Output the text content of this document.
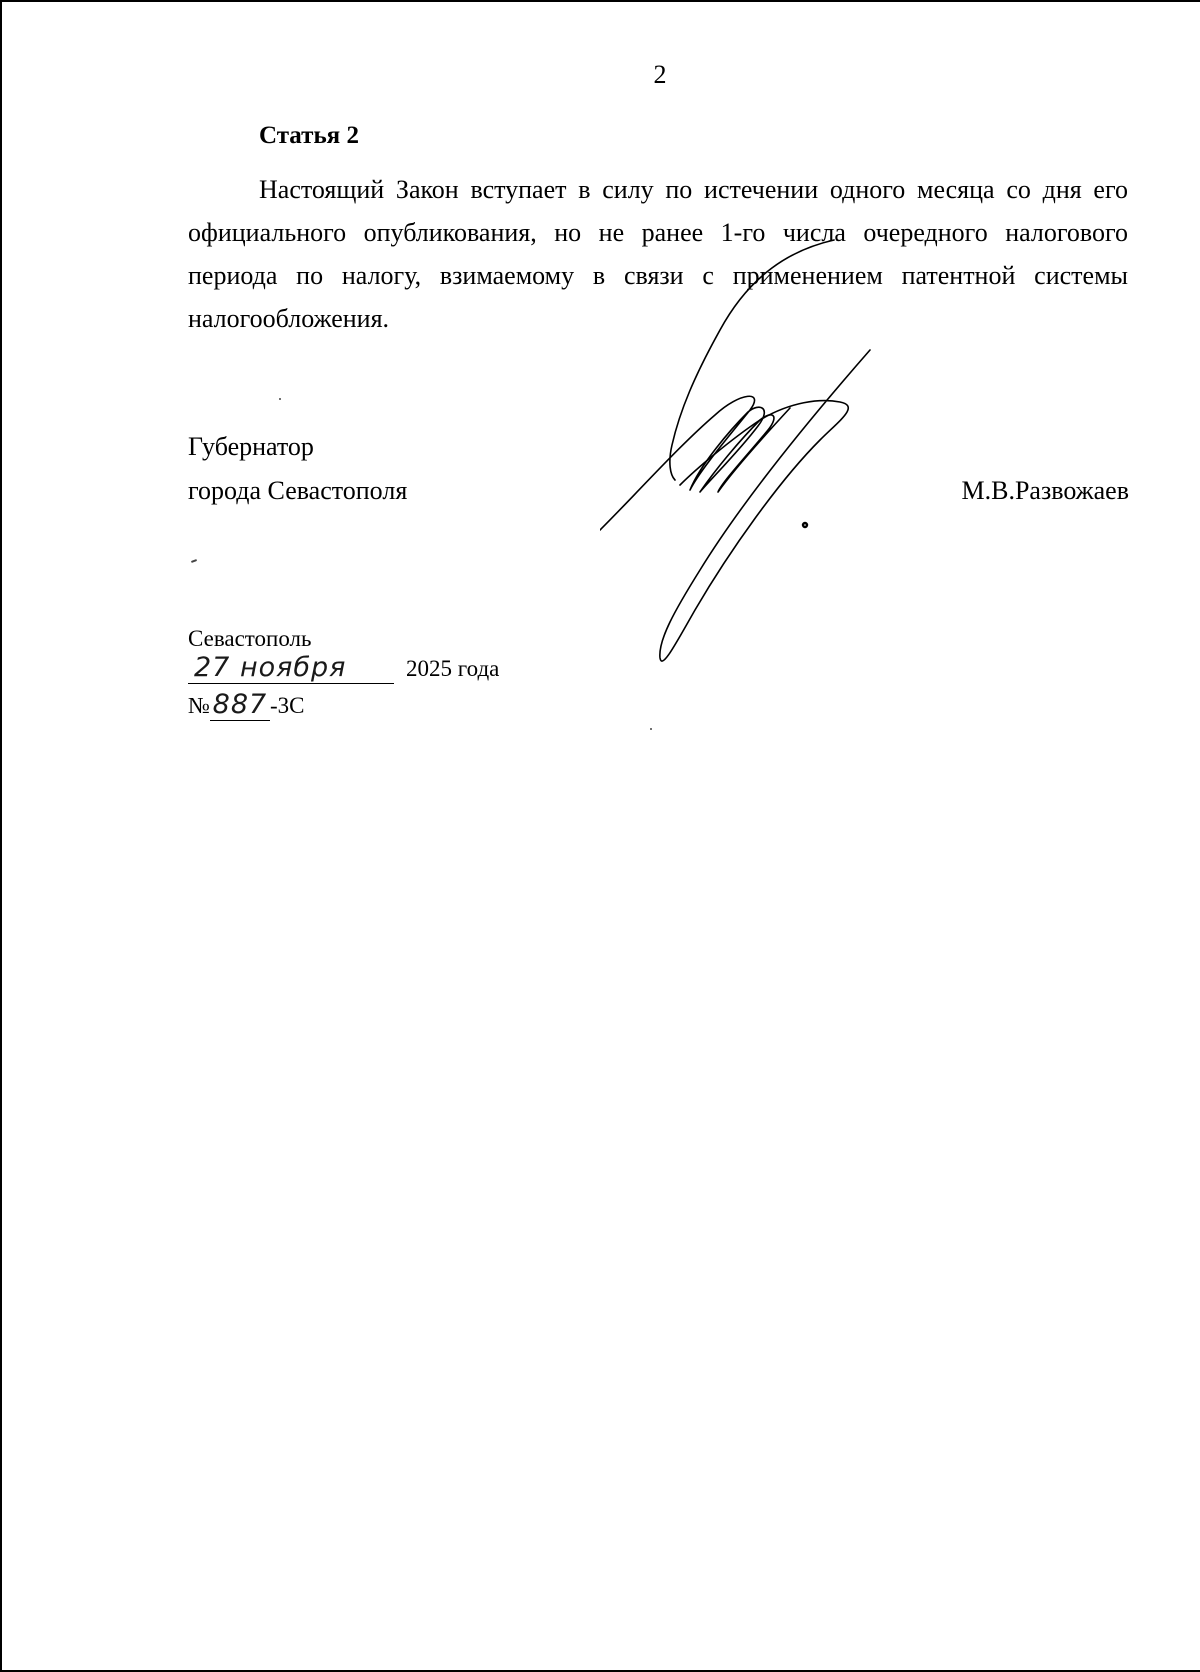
2
Статья 2

Настоящий Закон вступает в силу по истечении одного месяца со дня его официального опубликования, но не ранее 1-го числа очередного налогового периода по налогу, взимаемому в связи с применением патентной системы налогообложения.

Губернатор
города Севастополя	М.В.Развожаев
Севастополь
27 ноября	2025 года
№ 887 -3С
